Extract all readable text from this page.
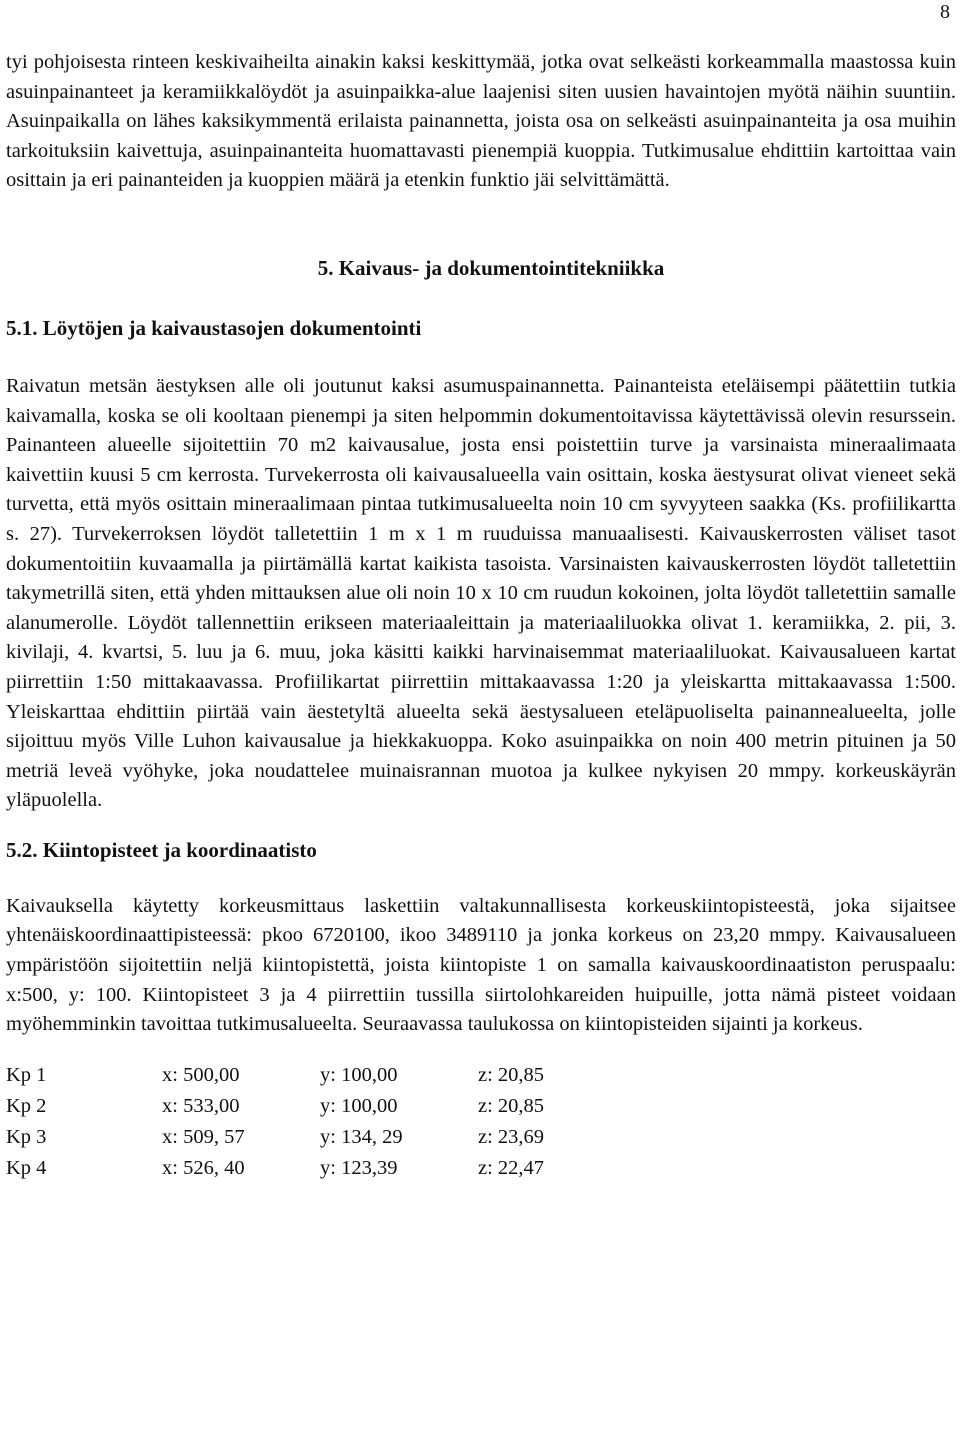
8

tyi pohjoisesta rinteen keskivaiheilta ainakin kaksi keskittymää, jotka ovat selkeästi korkeammalla maastossa kuin asuinpainanteet ja keramiikkalöydöt ja asuinpaikka-alue laajenisi siten uusien havaintojen myötä näihin suuntiin. Asuinpaikalla on lähes kaksikymmentä erilaista painannetta, joista osa on selkeästi asuinpainanteita ja osa muihin tarkoituksiin kaivettuja, asuinpainanteita huomattavasti pienempiä kuoppia. Tutkimusalue ehdittiin kartoittaa vain osittain ja eri painanteiden ja kuoppien määrä ja etenkin funktio jäi selvittämättä.

5. Kaivaus- ja dokumentointitekniikka
5.1. Löytöjen ja kaivaustasojen dokumentointi

Raivatun metsän äestyksen alle oli joutunut kaksi asumuspainannetta. Painanteista eteläisempi päätettiin tutkia kaivamalla, koska se oli kooltaan pienempi ja siten helpommin dokumentoitavissa käytettävissä olevin resurssein. Painanteen alueelle sijoitettiin 70 m2 kaivausalue, josta ensi poistettiin turve ja varsinaista mineraalimaata kaivettiin kuusi 5 cm kerrosta. Turvekerrosta oli kaivausalueella vain osittain, koska äestysurat olivat vieneet sekä turvetta, että myös osittain mineraalimaan pintaa tutkimusalueelta noin 10 cm syvyyteen saakka (Ks. profiilikartta s. 27). Turvekerroksen löydöt talletettiin 1 m x 1 m ruuduissa manuaalisesti. Kaivauskerrosten väliset tasot dokumentoitiin kuvaamalla ja piirtämällä kartat kaikista tasoista. Varsinaisten kaivauskerrosten löydöt talletettiin takymetrillä siten, että yhden mittauksen alue oli noin 10 x 10 cm ruudun kokoinen, jolta löydöt talletettiin samalle alanumerolle. Löydöt tallennettiin erikseen materiaaleittain ja materiaaliluokka olivat 1. keramiikka, 2. pii, 3. kivilaji, 4. kvartsi, 5. luu ja 6. muu, joka käsitti kaikki harvinaisemmat materiaaliluokat. Kaivausalueen kartat piirrettiin 1:50 mittakaavassa. Profiilikartat piirrettiin mittakaavassa 1:20 ja yleiskartta mittakaavassa 1:500. Yleiskarttaa ehdittiin piirtää vain äestetyltä alueelta sekä äestysalueen eteläpuoliselta painannealueelta, jolle sijoittuu myös Ville Luhon kaivausalue ja hiekkakuoppa. Koko asuinpaikka on noin 400 metrin pituinen ja 50 metriä leveä vyöhyke, joka noudattelee muinaisrannan muotoa ja kulkee nykyisen 20 mmpy. korkeuskäyrän yläpuolella.

5.2. Kiintopisteet ja koordinaatisto

Kaivauksella käytetty korkeusmittaus laskettiin valtakunnallisesta korkeuskiintopisteestä, joka sijaitsee yhtenäiskoordinaattipisteessä: pkoo 6720100, ikoo 3489110 ja jonka korkeus on 23,20 mmpy. Kaivausalueen ympäristöön sijoitettiin neljä kiintopistettä, joista kiintopiste 1 on samalla kaivauskoordinaatiston peruspaalu: x:500, y: 100. Kiintopisteet 3 ja 4 piirrettiin tussilla siirtolohkareiden huipuille, jotta nämä pisteet voidaan myöhemminkin tavoittaa tutkimusalueelta. Seuraavassa taulukossa on kiintopisteiden sijainti ja korkeus.

Kp 1	x: 500,00	y: 100,00	z: 20,85
Kp 2	x: 533,00	y: 100,00	z: 20,85
Kp 3	x: 509, 57	y: 134, 29	z: 23,69
Kp 4	x: 526, 40	y: 123,39	z: 22,47
